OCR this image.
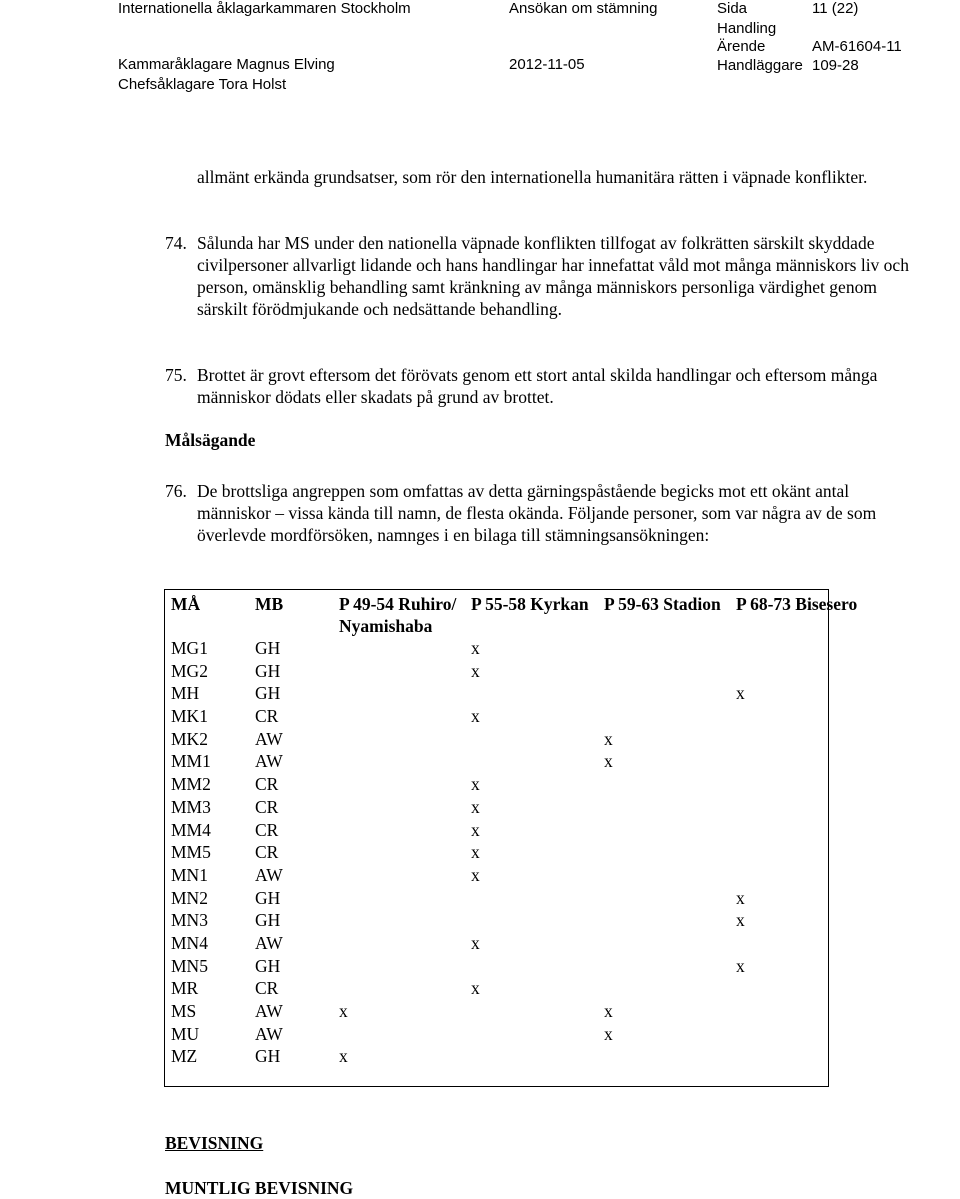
Internationella åklagarkammaren Stockholm	Ansökan om stämning	Sida	11 (22)
Handling
Kammaråklagare Magnus Elving	2012-11-05
Ärende	AM-61604-11
Handläggare 109-28
Chefsåklagare Tora Holst
allmänt erkända grundsatser, som rör den internationella humanitära rätten i väpnade konflikter.
74. Sålunda har MS under den nationella väpnade konflikten tillfogat av folkrätten särskilt skyddade civilpersoner allvarligt lidande och hans handlingar har innefattat våld mot många människors liv och person, omänsklig behandling samt kränkning av många människors personliga värdighet genom särskilt förödmjukande och nedsättande behandling.
75. Brottet är grovt eftersom det förövats genom ett stort antal skilda handlingar och eftersom många människor dödats eller skadats på grund av brottet.
Målsägande
76. De brottsliga angreppen som omfattas av detta gärningspåstående begicks mot ett okänt antal människor – vissa kända till namn, de flesta okända. Följande personer, som var några av de som överlevde mordförsöken, namnges i en bilaga till stämningsansökningen:
MÅ	MB	P 49-54 Ruhiro/ Nyamishaba	P 55-58 Kyrkan	P 59-63 Stadion	P 68-73 Bisesero
MG1	GH		x		
MG2	GH		x		
MH	GH				x
MK1	CR		x		
MK2	AW			x	
MM1	AW			x	
MM2	CR		x		
MM3	CR		x		
MM4	CR		x		
MM5	CR		x		
MN1	AW		x		
MN2	GH				x
MN3	GH				x
MN4	AW		x		
MN5	GH				x
MR	CR		x		
MS	AW	x		x	
MU	AW			x	
MZ	GH	x			
BEVISNING
MUNTLIG BEVISNING
